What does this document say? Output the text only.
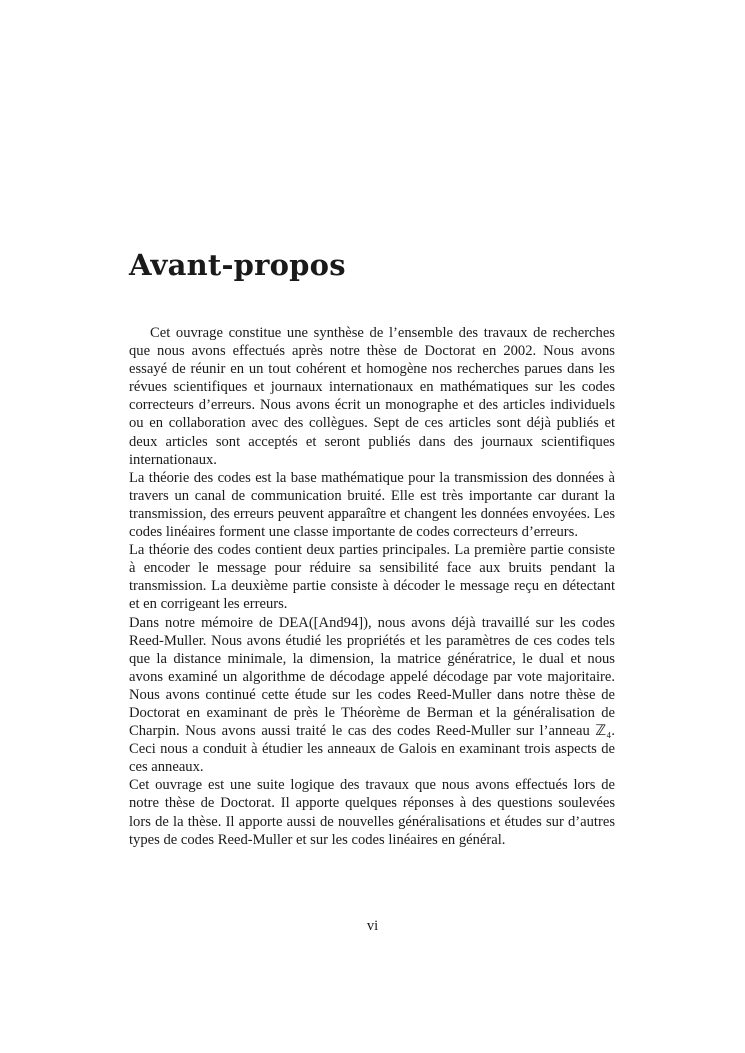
Avant-propos

Cet ouvrage constitue une synthèse de l’ensemble des travaux de recherches que nous avons effectués après notre thèse de Doctorat en 2002. Nous avons essayé de réunir en un tout cohérent et homogène nos recherches parues dans les révues scientifiques et journaux internationaux en mathématiques sur les codes correcteurs d’erreurs. Nous avons écrit un monographe et des articles individuels ou en collaboration avec des collègues. Sept de ces articles sont déjà publiés et deux articles sont acceptés et seront publiés dans des journaux scientifiques internationaux.

La théorie des codes est la base mathématique pour la transmission des données à travers un canal de communication bruité. Elle est très importante car durant la transmission, des erreurs peuvent apparaître et changent les données envoyées. Les codes linéaires forment une classe importante de codes correcteurs d’erreurs.

La théorie des codes contient deux parties principales. La première partie consiste à encoder le message pour réduire sa sensibilité face aux bruits pendant la transmission. La deuxième partie consiste à décoder le message reçu en détectant et en corrigeant les erreurs.

Dans notre mémoire de DEA([And94]), nous avons déjà travaillé sur les codes Reed-Muller. Nous avons étudié les propriétés et les paramètres de ces codes tels que la distance minimale, la dimension, la matrice génératrice, le dual et nous avons examiné un algorithme de décodage appelé décodage par vote majoritaire. Nous avons continué cette étude sur les codes Reed-Muller dans notre thèse de Doctorat en examinant de près le Théorème de Berman et la généralisation de Charpin. Nous avons aussi traité le cas des codes Reed-Muller sur l’anneau ℤ₄. Ceci nous a conduit à étudier les anneaux de Galois en examinant trois aspects de ces anneaux.

Cet ouvrage est une suite logique des travaux que nous avons effectués lors de notre thèse de Doctorat. Il apporte quelques réponses à des questions soulevées lors de la thèse. Il apporte aussi de nouvelles généralisations et études sur d’autres types de codes Reed-Muller et sur les codes linéaires en général.

vi
